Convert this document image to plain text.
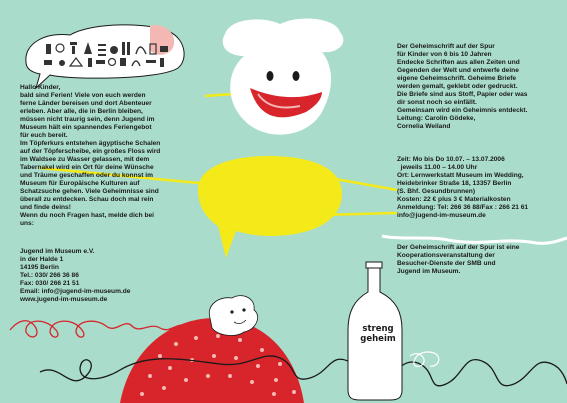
Hallo Kinder,
bald sind Ferien! Viele von euch werden
ferne Länder bereisen und dort Abenteuer
erleben. Aber alle, die in Berlin bleiben,
müssen nicht traurig sein, denn Jugend im
Museum hält ein spannendes Feriengebot
für euch bereit.
Im Töpferkurs entstehen ägyptische Schalen
auf der Töpferscheibe, ein großes Floss wird
im Waldsee zu Wasser gelassen, mit dem
Tabernakel wird ein Ort für deine Wünsche
und Träume geschaffen oder du konnst im
Museum für Europäische Kulturen auf
Schatzsuche gehen. Viele Geheimnisse sind
überall zu entdecken. Schau doch mal rein
und finde deins!
Wenn du noch Fragen hast, melde dich bei
uns:
Jugend im Museum e.V.
in der Halde 1
14195 Berlin
Tel.: 030/ 266 36 86
Fax: 030/ 266 21 51
Email: info@jugend-im-museum.de
www.jugend-im-museum.de
Der Geheimschrift auf der Spur
für Kinder von 6 bis 10 Jahren
Endecke Schriften aus allen Zeiten und
Gegenden der Welt und entwerfe deine
eigene Geheimschrift. Geheime Briefe
werden gemalt, geklebt oder gedruckt.
Die Briefe sind aus Stoff, Papier oder was
dir sonst noch so einfällt.
Gemeinsam wird ein Geheimnis entdeckt.
Leitung: Carolin Gödeke,
Cornelia Weiland
Zeit: Mo bis Do 10.07. – 13.07.2006
jeweils 11.00 – 14.00 Uhr
Ort: Lernwerkstatt Museum im Wedding,
Heidebrinker Straße 18, 13357 Berlin
(S. Bhf. Gesundbrunnen)
Kosten: 22 € plus 3 € Materialkosten
Anmeldung: Tel: 266 36 88/Fax : 266 21 61
info@jugend-im-museum.de
Der Geheimschrift auf der Spur ist eine
Kooperationsveranstaltung der
Besucher-Dienste der SMB und
Jugend im Museum.
streng
geheim
